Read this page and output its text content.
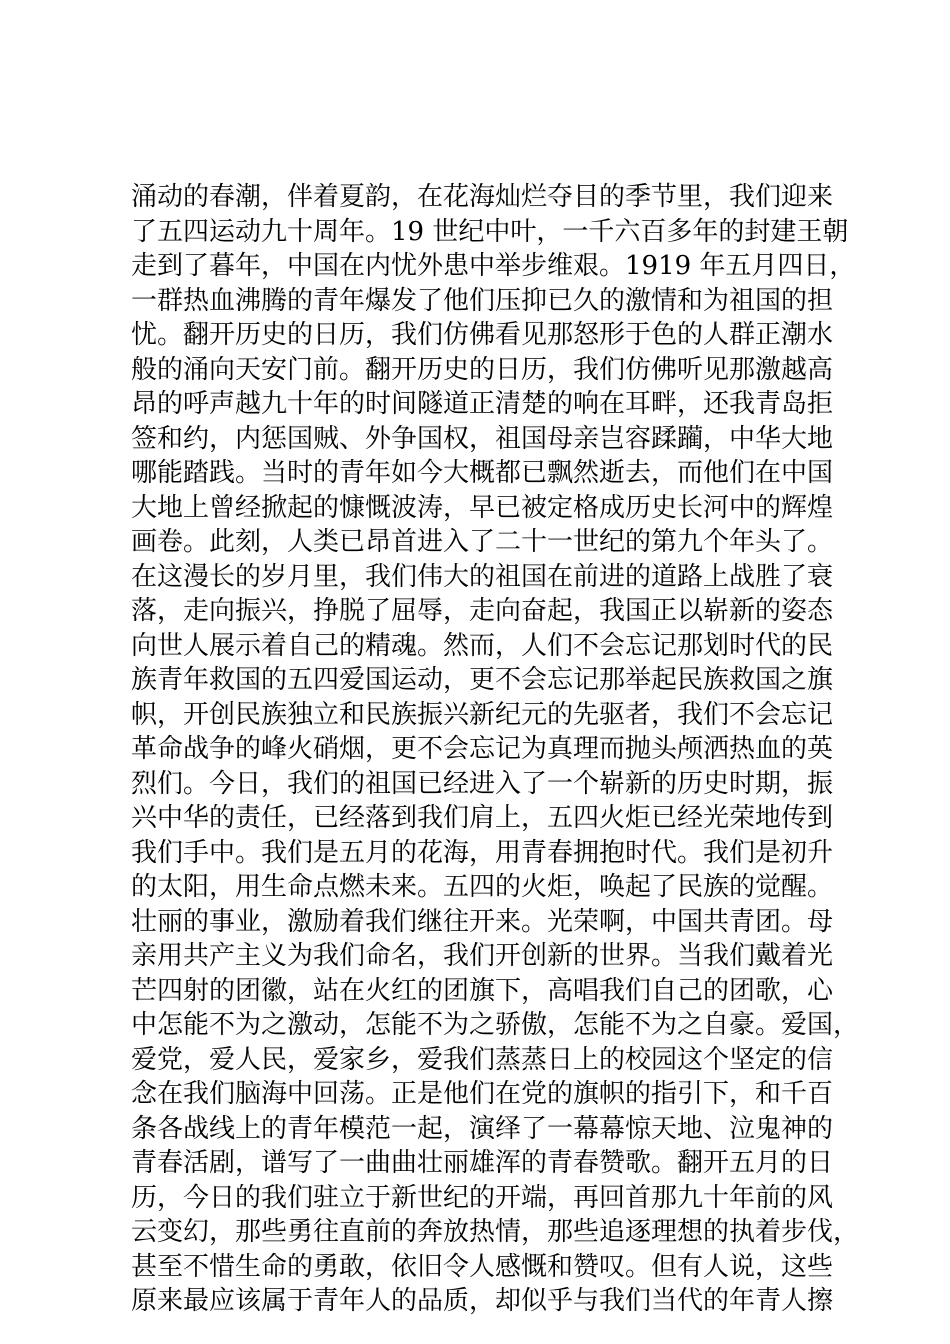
涌动的春潮，伴着夏韵，在花海灿烂夺目的季节里，我们迎来
了五四运动九十周年。19 世纪中叶，一千六百多年的封建王朝
走到了暮年，中国在内忧外患中举步维艰。1919 年五月四日，
一群热血沸腾的青年爆发了他们压抑已久的激情和为祖国的担
忧。翻开历史的日历，我们仿佛看见那怒形于色的人群正潮水
般的涌向天安门前。翻开历史的日历，我们仿佛听见那激越高
昂的呼声越九十年的时间隧道正清楚的响在耳畔，还我青岛拒
签和约，内惩国贼、外争国权，祖国母亲岂容蹂躏，中华大地
哪能踏践。当时的青年如今大概都已飘然逝去，而他们在中国
大地上曾经掀起的慷慨波涛，早已被定格成历史长河中的辉煌
画卷。此刻，人类已昂首进入了二十一世纪的第九个年头了。
在这漫长的岁月里，我们伟大的祖国在前进的道路上战胜了衰
落，走向振兴，挣脱了屈辱，走向奋起，我国正以崭新的姿态
向世人展示着自己的精魂。然而，人们不会忘记那划时代的民
族青年救国的五四爱国运动，更不会忘记那举起民族救国之旗
帜，开创民族独立和民族振兴新纪元的先驱者，我们不会忘记
革命战争的峰火硝烟，更不会忘记为真理而抛头颅洒热血的英
烈们。今日，我们的祖国已经进入了一个崭新的历史时期，振
兴中华的责任，已经落到我们肩上，五四火炬已经光荣地传到
我们手中。我们是五月的花海，用青春拥抱时代。我们是初升
的太阳，用生命点燃未来。五四的火炬，唤起了民族的觉醒。
壮丽的事业，激励着我们继往开来。光荣啊，中国共青团。母
亲用共产主义为我们命名，我们开创新的世界。当我们戴着光
芒四射的团徽，站在火红的团旗下，高唱我们自己的团歌，心
中怎能不为之激动，怎能不为之骄傲，怎能不为之自豪。爱国，
爱党，爱人民，爱家乡，爱我们蒸蒸日上的校园这个坚定的信
念在我们脑海中回荡。正是他们在党的旗帜的指引下，和千百
条各战线上的青年模范一起，演绎了一幕幕惊天地、泣鬼神的
青春活剧，谱写了一曲曲壮丽雄浑的青春赞歌。翻开五月的日
历，今日的我们驻立于新世纪的开端，再回首那九十年前的风
云变幻，那些勇往直前的奔放热情，那些追逐理想的执着步伐，
甚至不惜生命的勇敢，依旧令人感慨和赞叹。但有人说，这些
原来最应该属于青年人的品质，却似乎与我们当代的年青人擦
